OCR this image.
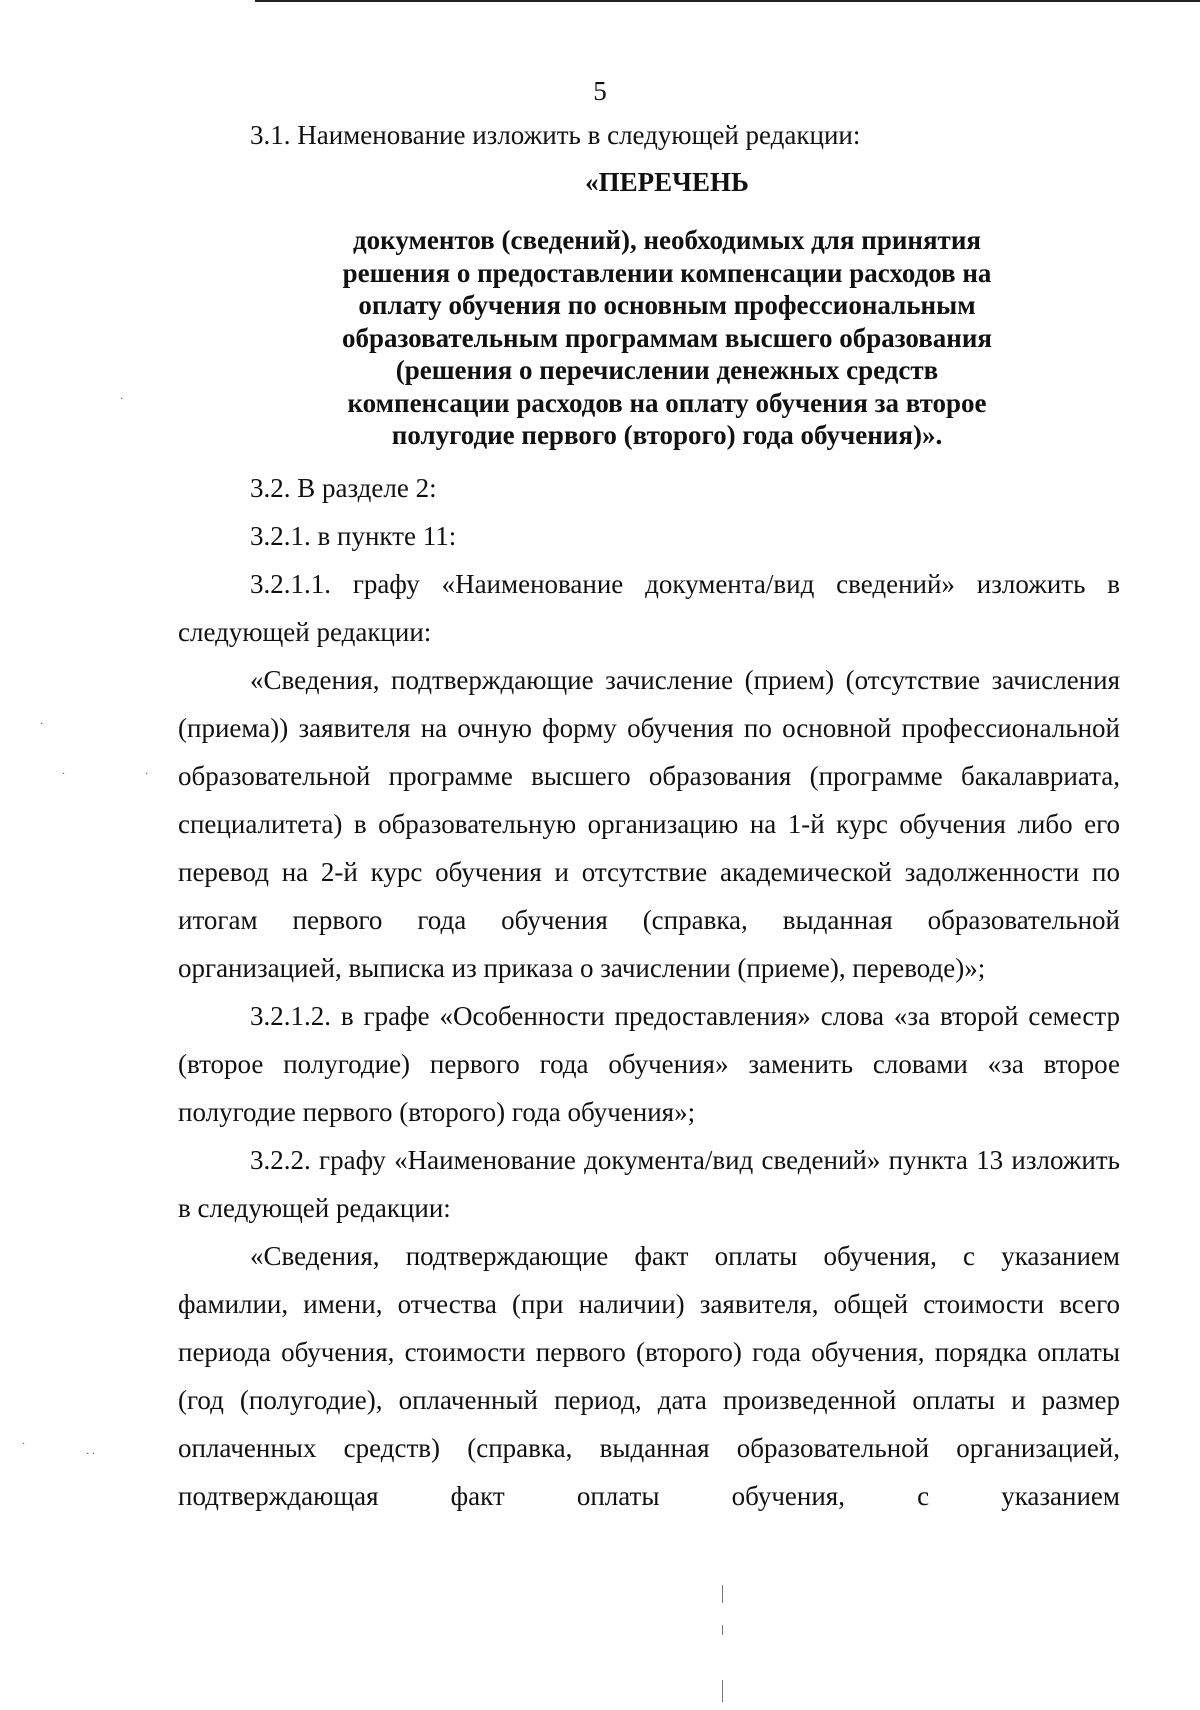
5

3.1. Наименование изложить в следующей редакции:

«ПЕРЕЧЕНЬ

документов (сведений), необходимых для принятия
решения о предоставлении компенсации расходов на
оплату обучения по основным профессиональным
образовательным программам высшего образования
(решения о перечислении денежных средств
компенсации расходов на оплату обучения за второе
полугодие первого (второго) года обучения)».

3.2. В разделе 2:

3.2.1. в пункте 11:

3.2.1.1. графу «Наименование документа/вид сведений» изложить в следующей редакции:

«Сведения, подтверждающие зачисление (прием) (отсутствие зачисления (приема)) заявителя на очную форму обучения по основной профессиональной образовательной программе высшего образования (программе бакалавриата, специалитета) в образовательную организацию на 1-й курс обучения либо его перевод на 2-й курс обучения и отсутствие академической задолженности по итогам первого года обучения (справка, выданная образовательной организацией, выписка из приказа о зачислении (приеме), переводе)»;

3.2.1.2. в графе «Особенности предоставления» слова «за второй семестр (второе полугодие) первого года обучения» заменить словами «за второе полугодие первого (второго) года обучения»;

3.2.2. графу «Наименование документа/вид сведений» пункта 13 изложить в следующей редакции:

«Сведения, подтверждающие факт оплаты обучения, с указанием фамилии, имени, отчества (при наличии) заявителя, общей стоимости всего периода обучения, стоимости первого (второго) года обучения, порядка оплаты (год (полугодие), оплаченный период, дата произведенной оплаты и размер оплаченных средств) (справка, выданная образовательной организацией, подтверждающая факт оплаты обучения, с указанием

·
·
·	·
·
· ·
